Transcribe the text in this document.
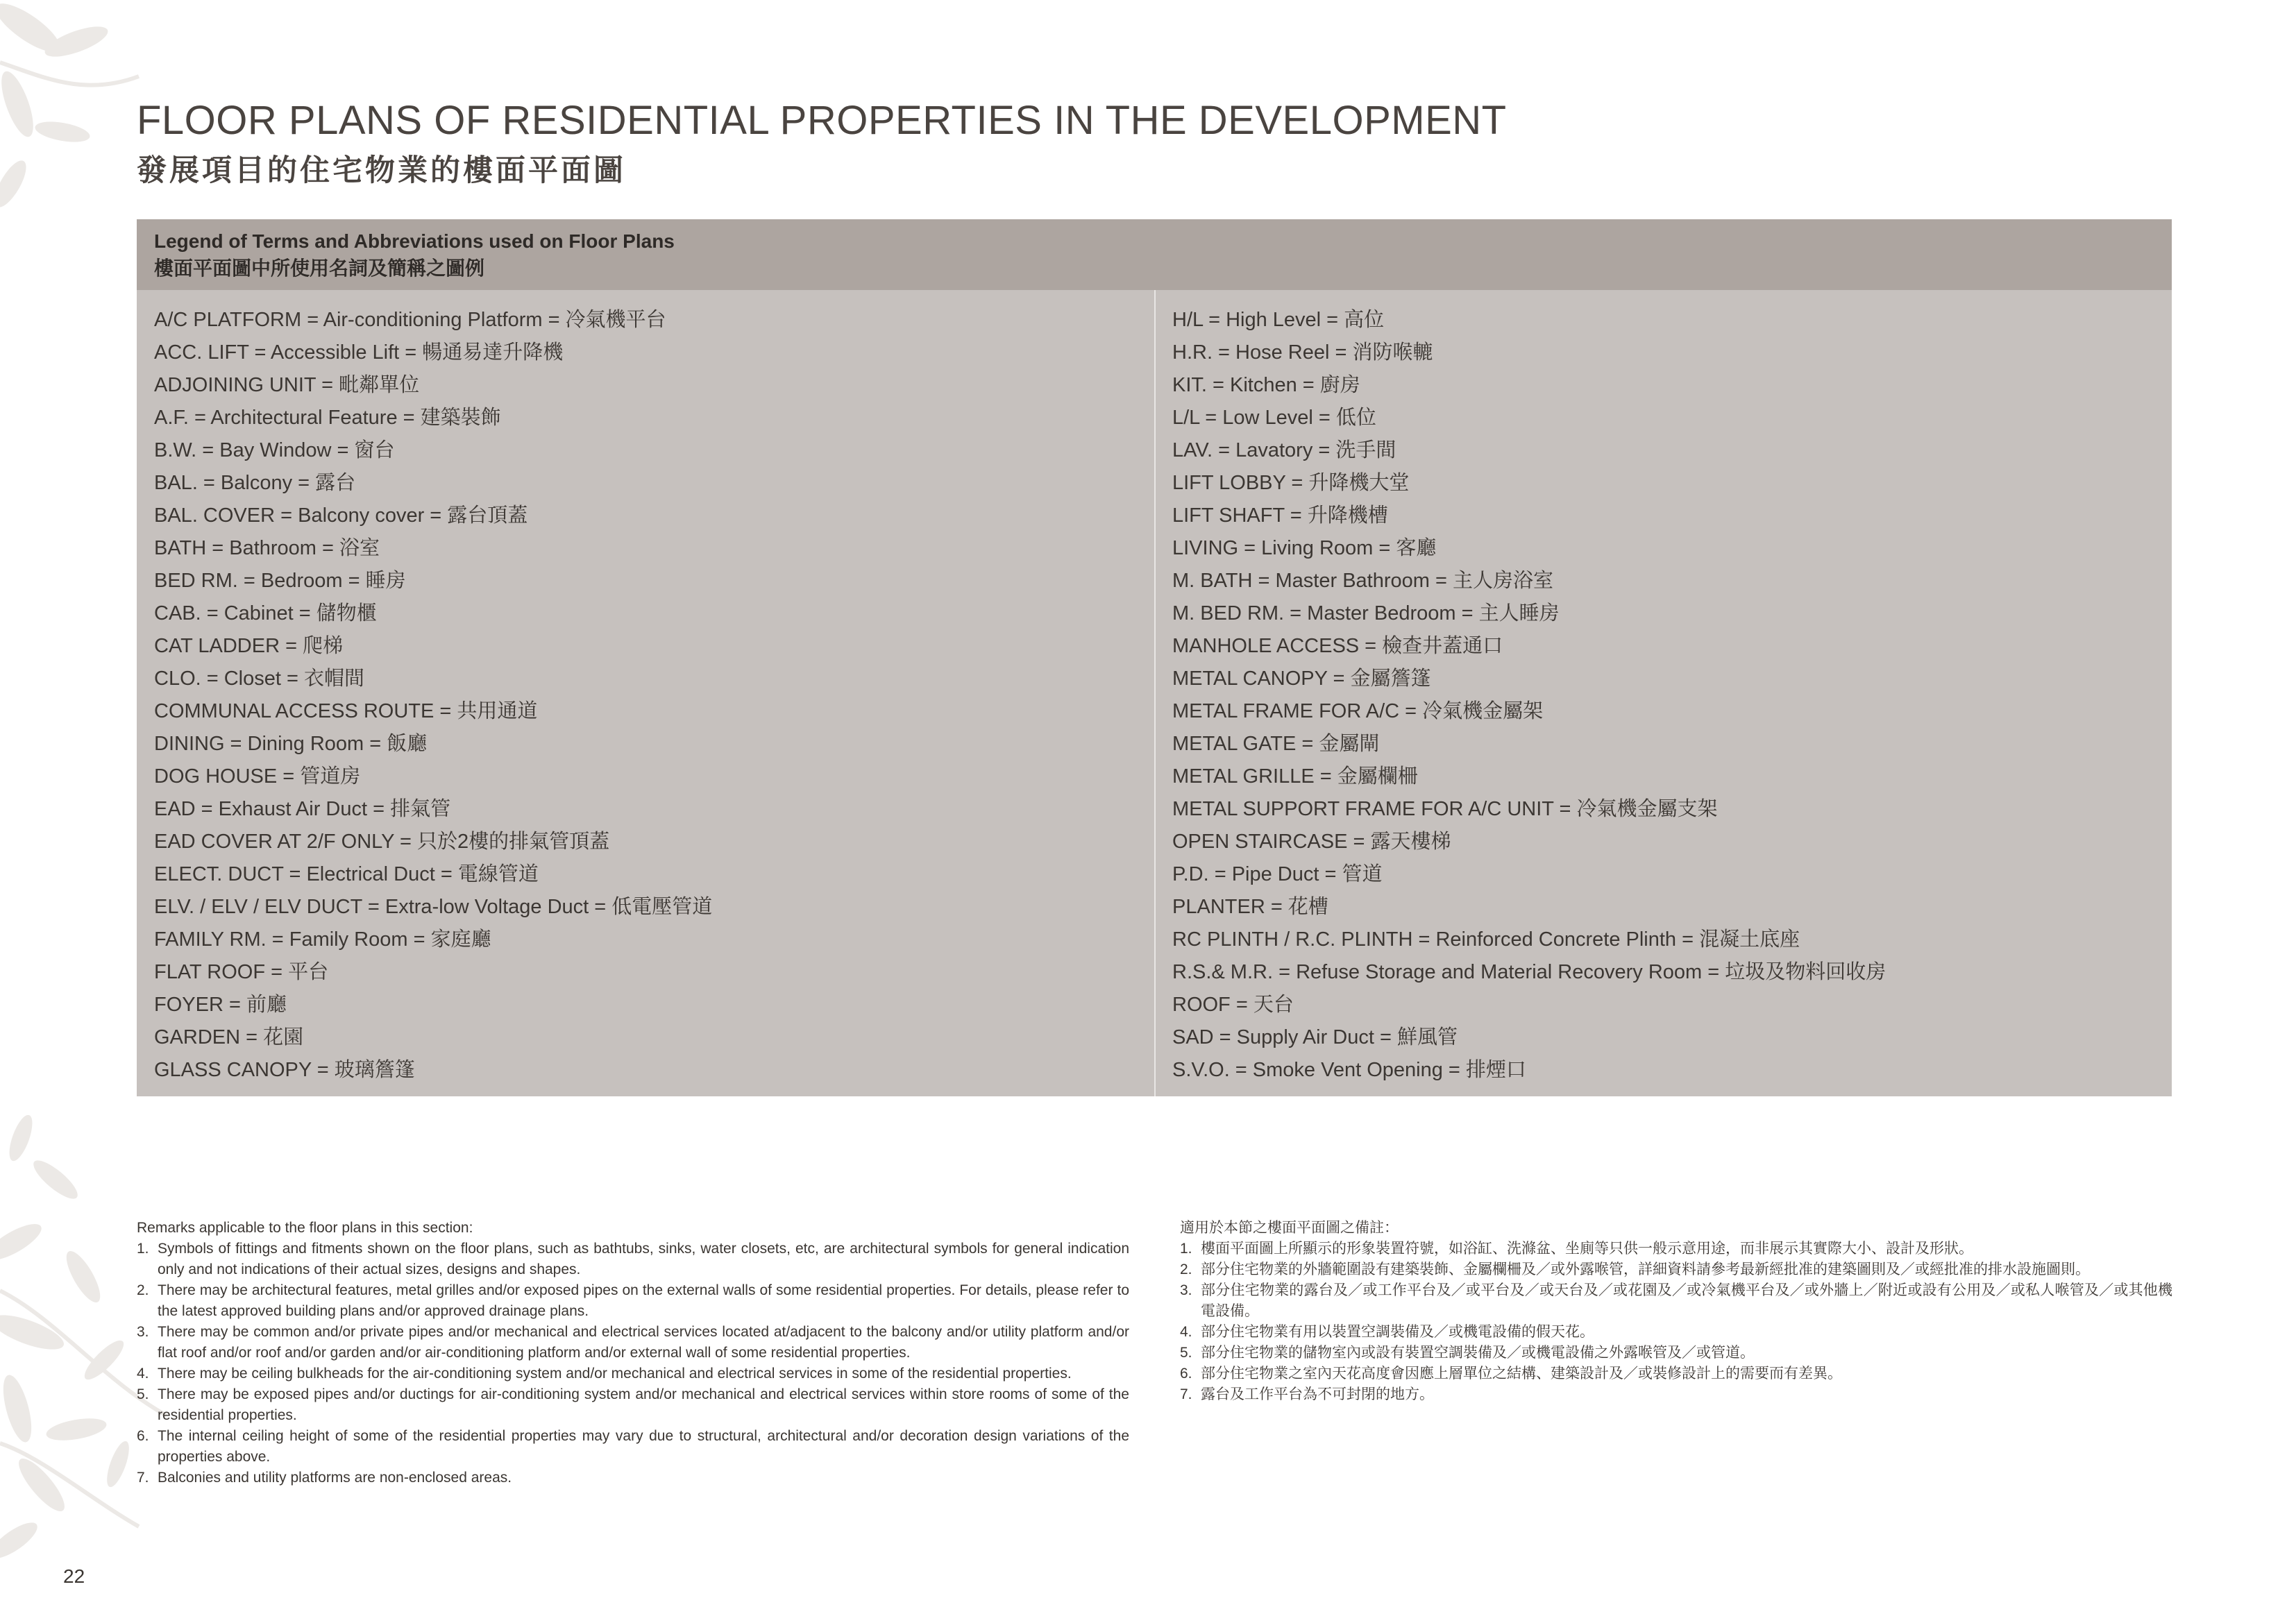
FLOOR PLANS OF RESIDENTIAL PROPERTIES IN THE DEVELOPMENT
發展項目的住宅物業的樓面平面圖
Legend of Terms and Abbreviations used on Floor Plans
樓面平面圖中所使用名詞及簡稱之圖例
A/C PLATFORM = Air-conditioning Platform = 冷氣機平台
ACC. LIFT = Accessible Lift = 暢通易達升降機
ADJOINING UNIT = 毗鄰單位
A.F. = Architectural Feature = 建築裝飾
B.W. = Bay Window = 窗台
BAL. = Balcony = 露台
BAL. COVER = Balcony cover = 露台頂蓋
BATH = Bathroom = 浴室
BED RM. = Bedroom = 睡房
CAB. = Cabinet = 儲物櫃
CAT LADDER = 爬梯
CLO. = Closet = 衣帽間
COMMUNAL ACCESS ROUTE = 共用通道
DINING = Dining Room = 飯廳
DOG HOUSE = 管道房
EAD = Exhaust Air Duct = 排氣管
EAD COVER AT 2/F ONLY = 只於2樓的排氣管頂蓋
ELECT. DUCT = Electrical Duct = 電線管道
ELV. / ELV / ELV DUCT = Extra-low Voltage Duct = 低電壓管道
FAMILY RM. = Family Room = 家庭廳
FLAT ROOF = 平台
FOYER = 前廳
GARDEN = 花園
GLASS CANOPY = 玻璃簷篷
H/L = High Level = 高位
H.R. = Hose Reel = 消防喉轆
KIT. = Kitchen = 廚房
L/L = Low Level = 低位
LAV. = Lavatory = 洗手間
LIFT LOBBY = 升降機大堂
LIFT SHAFT = 升降機槽
LIVING = Living Room = 客廳
M. BATH = Master Bathroom = 主人房浴室
M. BED RM. = Master Bedroom = 主人睡房
MANHOLE ACCESS = 檢查井蓋通口
METAL CANOPY = 金屬簷篷
METAL FRAME FOR A/C = 冷氣機金屬架
METAL GATE = 金屬閘
METAL GRILLE = 金屬欄柵
METAL SUPPORT FRAME FOR A/C UNIT = 冷氣機金屬支架
OPEN STAIRCASE = 露天樓梯
P.D. = Pipe Duct = 管道
PLANTER = 花槽
RC PLINTH / R.C. PLINTH = Reinforced Concrete Plinth = 混凝土底座
R.S.& M.R. = Refuse Storage and Material Recovery Room = 垃圾及物料回收房
ROOF = 天台
SAD = Supply Air Duct = 鮮風管
S.V.O. = Smoke Vent Opening = 排煙口
Remarks applicable to the floor plans in this section:
1. Symbols of fittings and fitments shown on the floor plans, such as bathtubs, sinks, water closets, etc, are architectural symbols for general indication only and not indications of their actual sizes, designs and shapes.
2. There may be architectural features, metal grilles and/or exposed pipes on the external walls of some residential properties. For details, please refer to the latest approved building plans and/or approved drainage plans.
3. There may be common and/or private pipes and/or mechanical and electrical services located at/adjacent to the balcony and/or utility platform and/or flat roof and/or roof and/or garden and/or air-conditioning platform and/or external wall of some residential properties.
4. There may be ceiling bulkheads for the air-conditioning system and/or mechanical and electrical services in some of the residential properties.
5. There may be exposed pipes and/or ductings for air-conditioning system and/or mechanical and electrical services within store rooms of some of the residential properties.
6. The internal ceiling height of some of the residential properties may vary due to structural, architectural and/or decoration design variations of the properties above.
7. Balconies and utility platforms are non-enclosed areas.
適用於本節之樓面平面圖之備註：
1. 樓面平面圖上所顯示的形象裝置符號，如浴缸、洗滌盆、坐廁等只供一般示意用途，而非展示其實際大小、設計及形狀。
2. 部分住宅物業的外牆範圍設有建築裝飾、金屬欄柵及／或外露喉管，詳細資料請參考最新經批准的建築圖則及／或經批准的排水設施圖則。
3. 部分住宅物業的露台及／或工作平台及／或平台及／或天台及／或花園及／或冷氣機平台及／或外牆上／附近或設有公用及／或私人喉管及／或其他機電設備。
4. 部分住宅物業有用以裝置空調裝備及／或機電設備的假天花。
5. 部分住宅物業的儲物室內或設有裝置空調裝備及／或機電設備之外露喉管及／或管道。
6. 部分住宅物業之室內天花高度會因應上層單位之結構、建築設計及／或裝修設計上的需要而有差異。
7. 露台及工作平台為不可封閉的地方。
22
